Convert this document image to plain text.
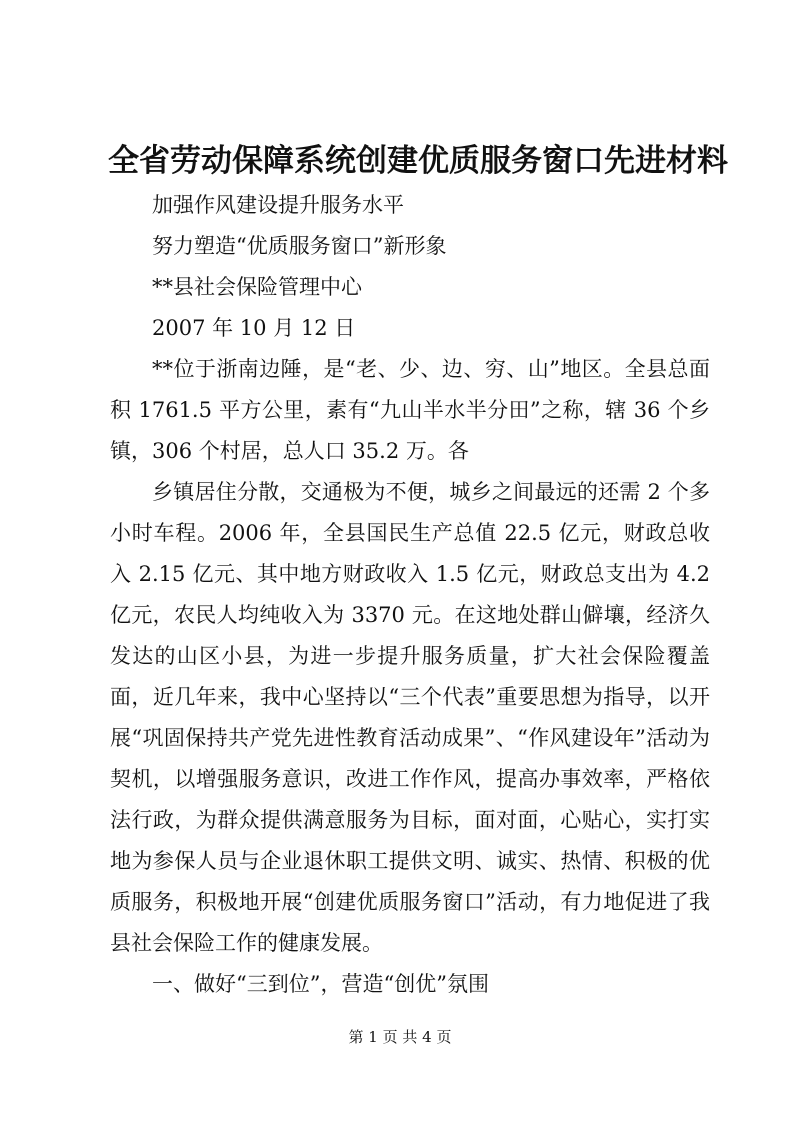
全省劳动保障系统创建优质服务窗口先进材料

加强作风建设提升服务水平

努力塑造“优质服务窗口”新形象

**县社会保险管理中心

2007 年 10 月 12 日

**位于浙南边陲，是“老、少、边、穷、山”地区。全县总面积 1761.5 平方公里，素有“九山半水半分田”之称，辖 36 个乡镇，306 个村居，总人口 35.2 万。各

乡镇居住分散，交通极为不便，城乡之间最远的还需 2 个多小时车程。2006 年，全县国民生产总值 22.5 亿元，财政总收入 2.15 亿元、其中地方财政收入 1.5 亿元，财政总支出为 4.2 亿元，农民人均纯收入为 3370 元。在这地处群山僻壤，经济久发达的山区小县，为进一步提升服务质量，扩大社会保险覆盖面，近几年来，我中心坚持以“三个代表”重要思想为指导，以开展“巩固保持共产党先进性教育活动成果”、“作风建设年”活动为契机，以增强服务意识，改进工作作风，提高办事效率，严格依法行政，为群众提供满意服务为目标，面对面，心贴心，实打实地为参保人员与企业退休职工提供文明、诚实、热情、积极的优质服务，积极地开展“创建优质服务窗口”活动，有力地促进了我县社会保险工作的健康发展。

一、做好“三到位”，营造“创优”氛围

第 1 页 共 4 页
